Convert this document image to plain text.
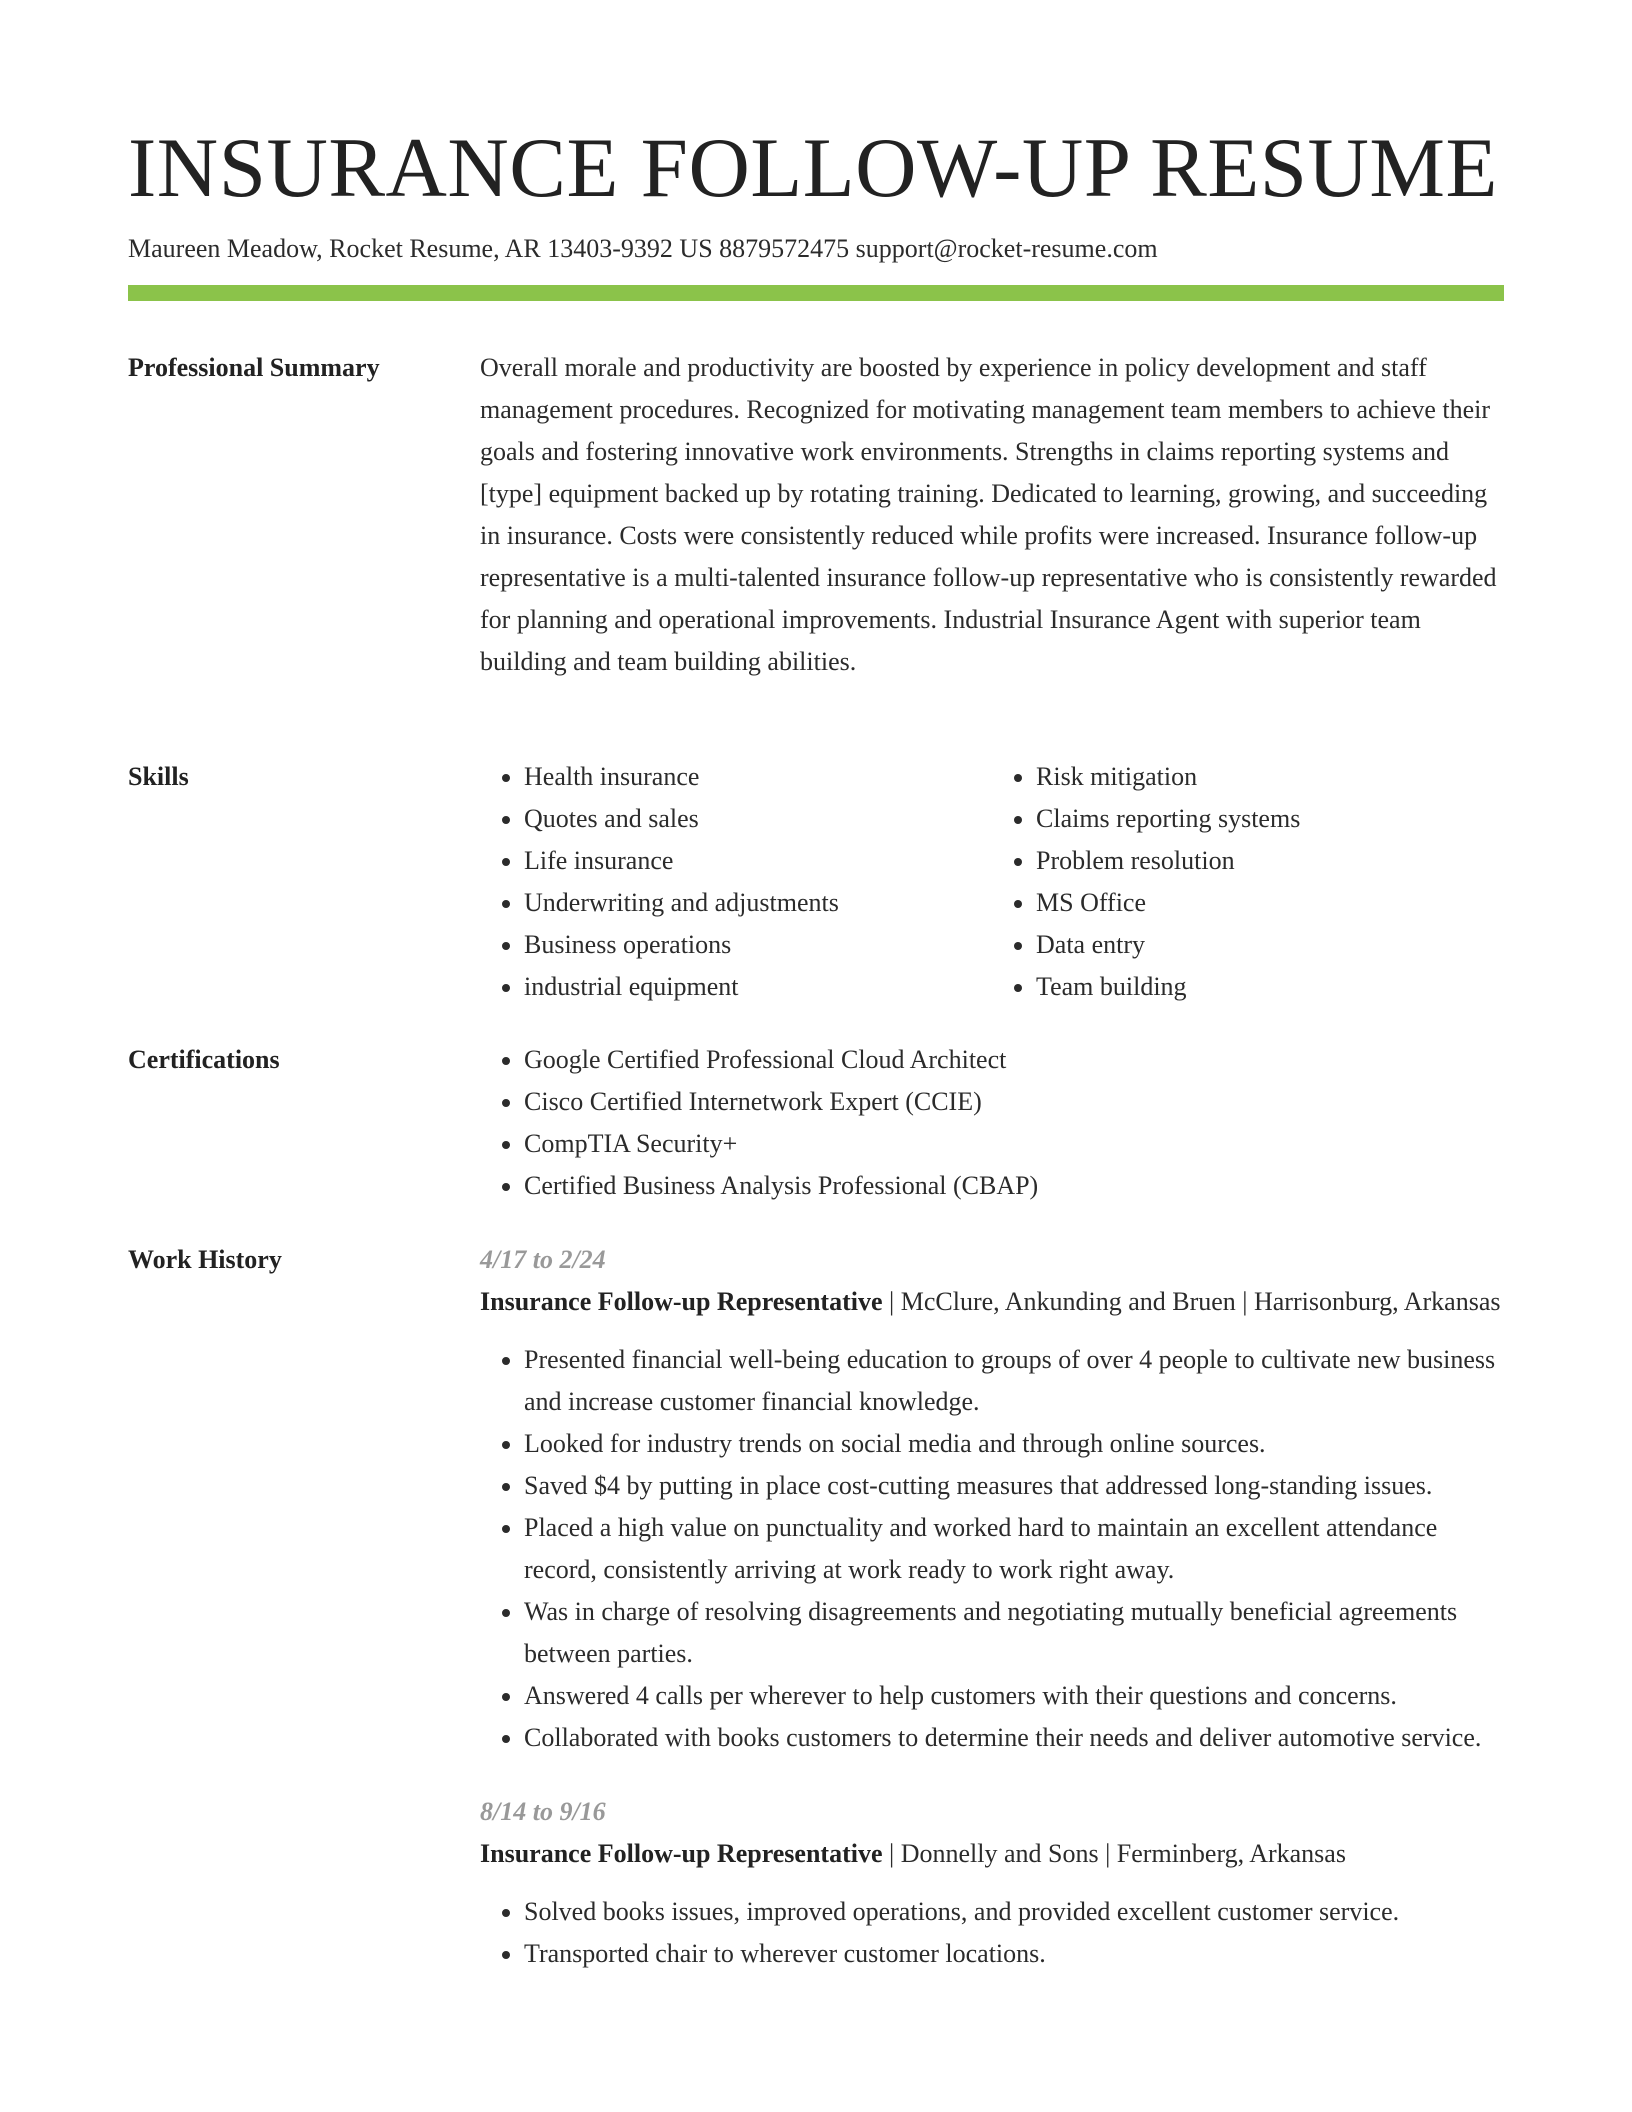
INSURANCE FOLLOW-UP RESUME
Maureen Meadow, Rocket Resume, AR 13403-9392 US 8879572475 support@rocket-resume.com
Professional Summary	Overall morale and productivity are boosted by experience in policy development and staff management procedures. Recognized for motivating management team members to achieve their goals and fostering innovative work environments. Strengths in claims reporting systems and [type] equipment backed up by rotating training. Dedicated to learning, growing, and succeeding in insurance. Costs were consistently reduced while profits were increased. Insurance follow-up representative is a multi-talented insurance follow-up representative who is consistently rewarded for planning and operational improvements. Industrial Insurance Agent with superior team building and team building abilities.
Skills	• Health insurance
• Quotes and sales
• Life insurance
• Underwriting and adjustments
• Business operations
• industrial equipment
• Risk mitigation
• Claims reporting systems
• Problem resolution
• MS Office
• Data entry
• Team building
Certifications	• Google Certified Professional Cloud Architect
• Cisco Certified Internetwork Expert (CCIE)
• CompTIA Security+
• Certified Business Analysis Professional (CBAP)
Work History	4/17 to 2/24
Insurance Follow-up Representative | McClure, Ankunding and Bruen | Harrisonburg, Arkansas
• Presented financial well-being education to groups of over 4 people to cultivate new business and increase customer financial knowledge.
• Looked for industry trends on social media and through online sources.
• Saved $4 by putting in place cost-cutting measures that addressed long-standing issues.
• Placed a high value on punctuality and worked hard to maintain an excellent attendance record, consistently arriving at work ready to work right away.
• Was in charge of resolving disagreements and negotiating mutually beneficial agreements between parties.
• Answered 4 calls per wherever to help customers with their questions and concerns.
• Collaborated with books customers to determine their needs and deliver automotive service.
8/14 to 9/16
Insurance Follow-up Representative | Donnelly and Sons | Ferminberg, Arkansas
• Solved books issues, improved operations, and provided excellent customer service.
• Transported chair to wherever customer locations.
